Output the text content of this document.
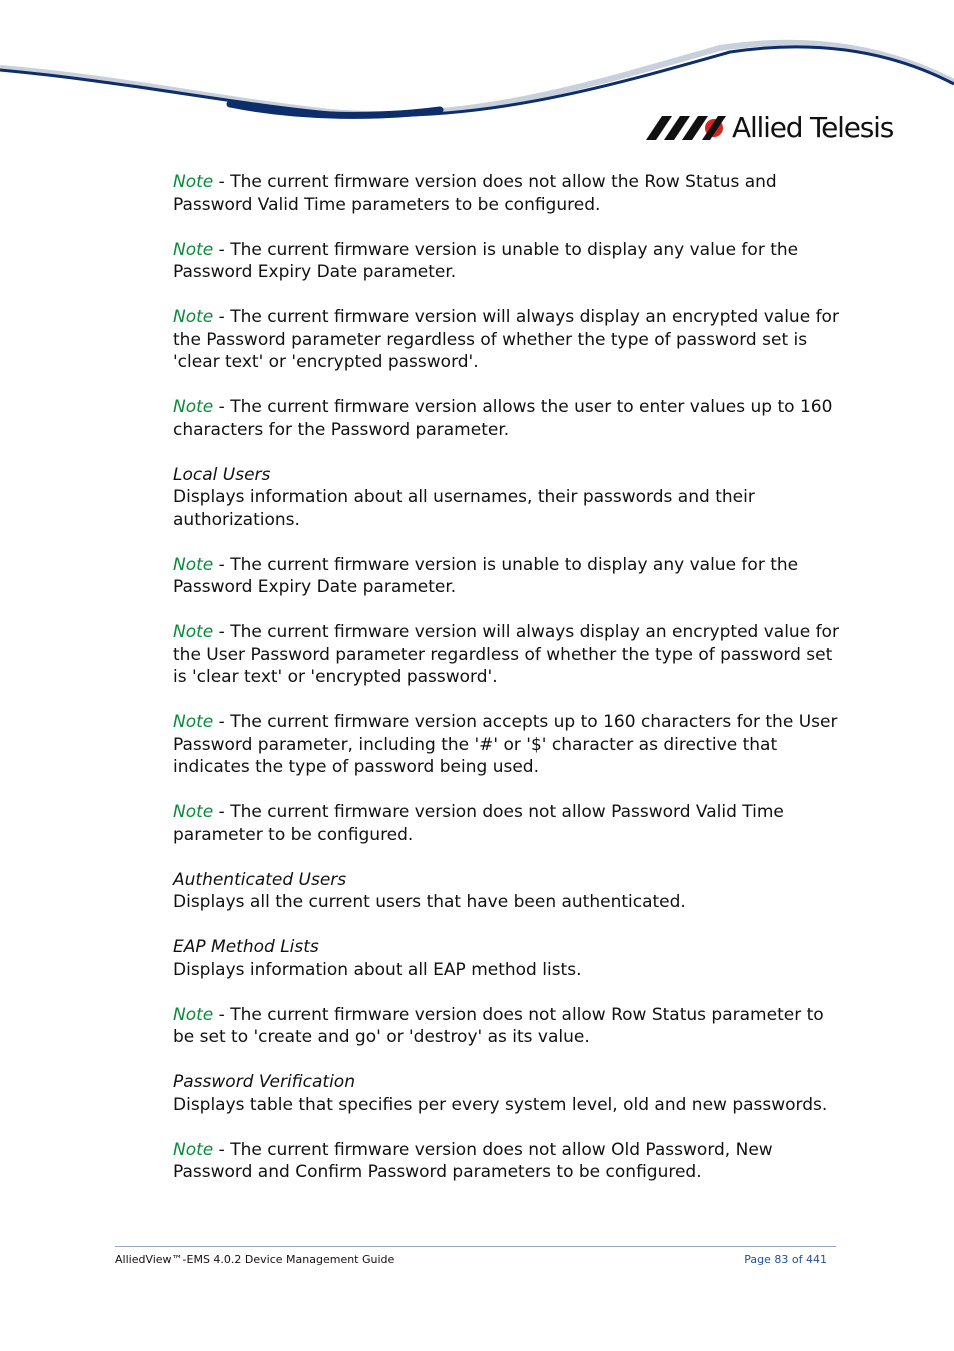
Allied Telesis

Note - The current firmware version does not allow the Row Status and Password Valid Time parameters to be configured.

Note - The current firmware version is unable to display any value for the Password Expiry Date parameter.

Note - The current firmware version will always display an encrypted value for the Password parameter regardless of whether the type of password set is 'clear text' or 'encrypted password'.

Note - The current firmware version allows the user to enter values up to 160 characters for the Password parameter.

Local Users
Displays information about all usernames, their passwords and their authorizations.

Note - The current firmware version is unable to display any value for the Password Expiry Date parameter.

Note - The current firmware version will always display an encrypted value for the User Password parameter regardless of whether the type of password set is 'clear text' or 'encrypted password'.

Note - The current firmware version accepts up to 160 characters for the User Password parameter, including the '#' or '$' character as directive that indicates the type of password being used.

Note - The current firmware version does not allow Password Valid Time parameter to be configured.

Authenticated Users
Displays all the current users that have been authenticated.
EAP Method Lists
Displays information about all EAP method lists.

Note - The current firmware version does not allow Row Status parameter to be set to 'create and go' or 'destroy' as its value.

Password Verification
Displays table that specifies per every system level, old and new passwords.

Note - The current firmware version does not allow Old Password, New Password and Confirm Password parameters to be configured.

AlliedView™-EMS 4.0.2 Device Management Guide	Page 83 of 441
